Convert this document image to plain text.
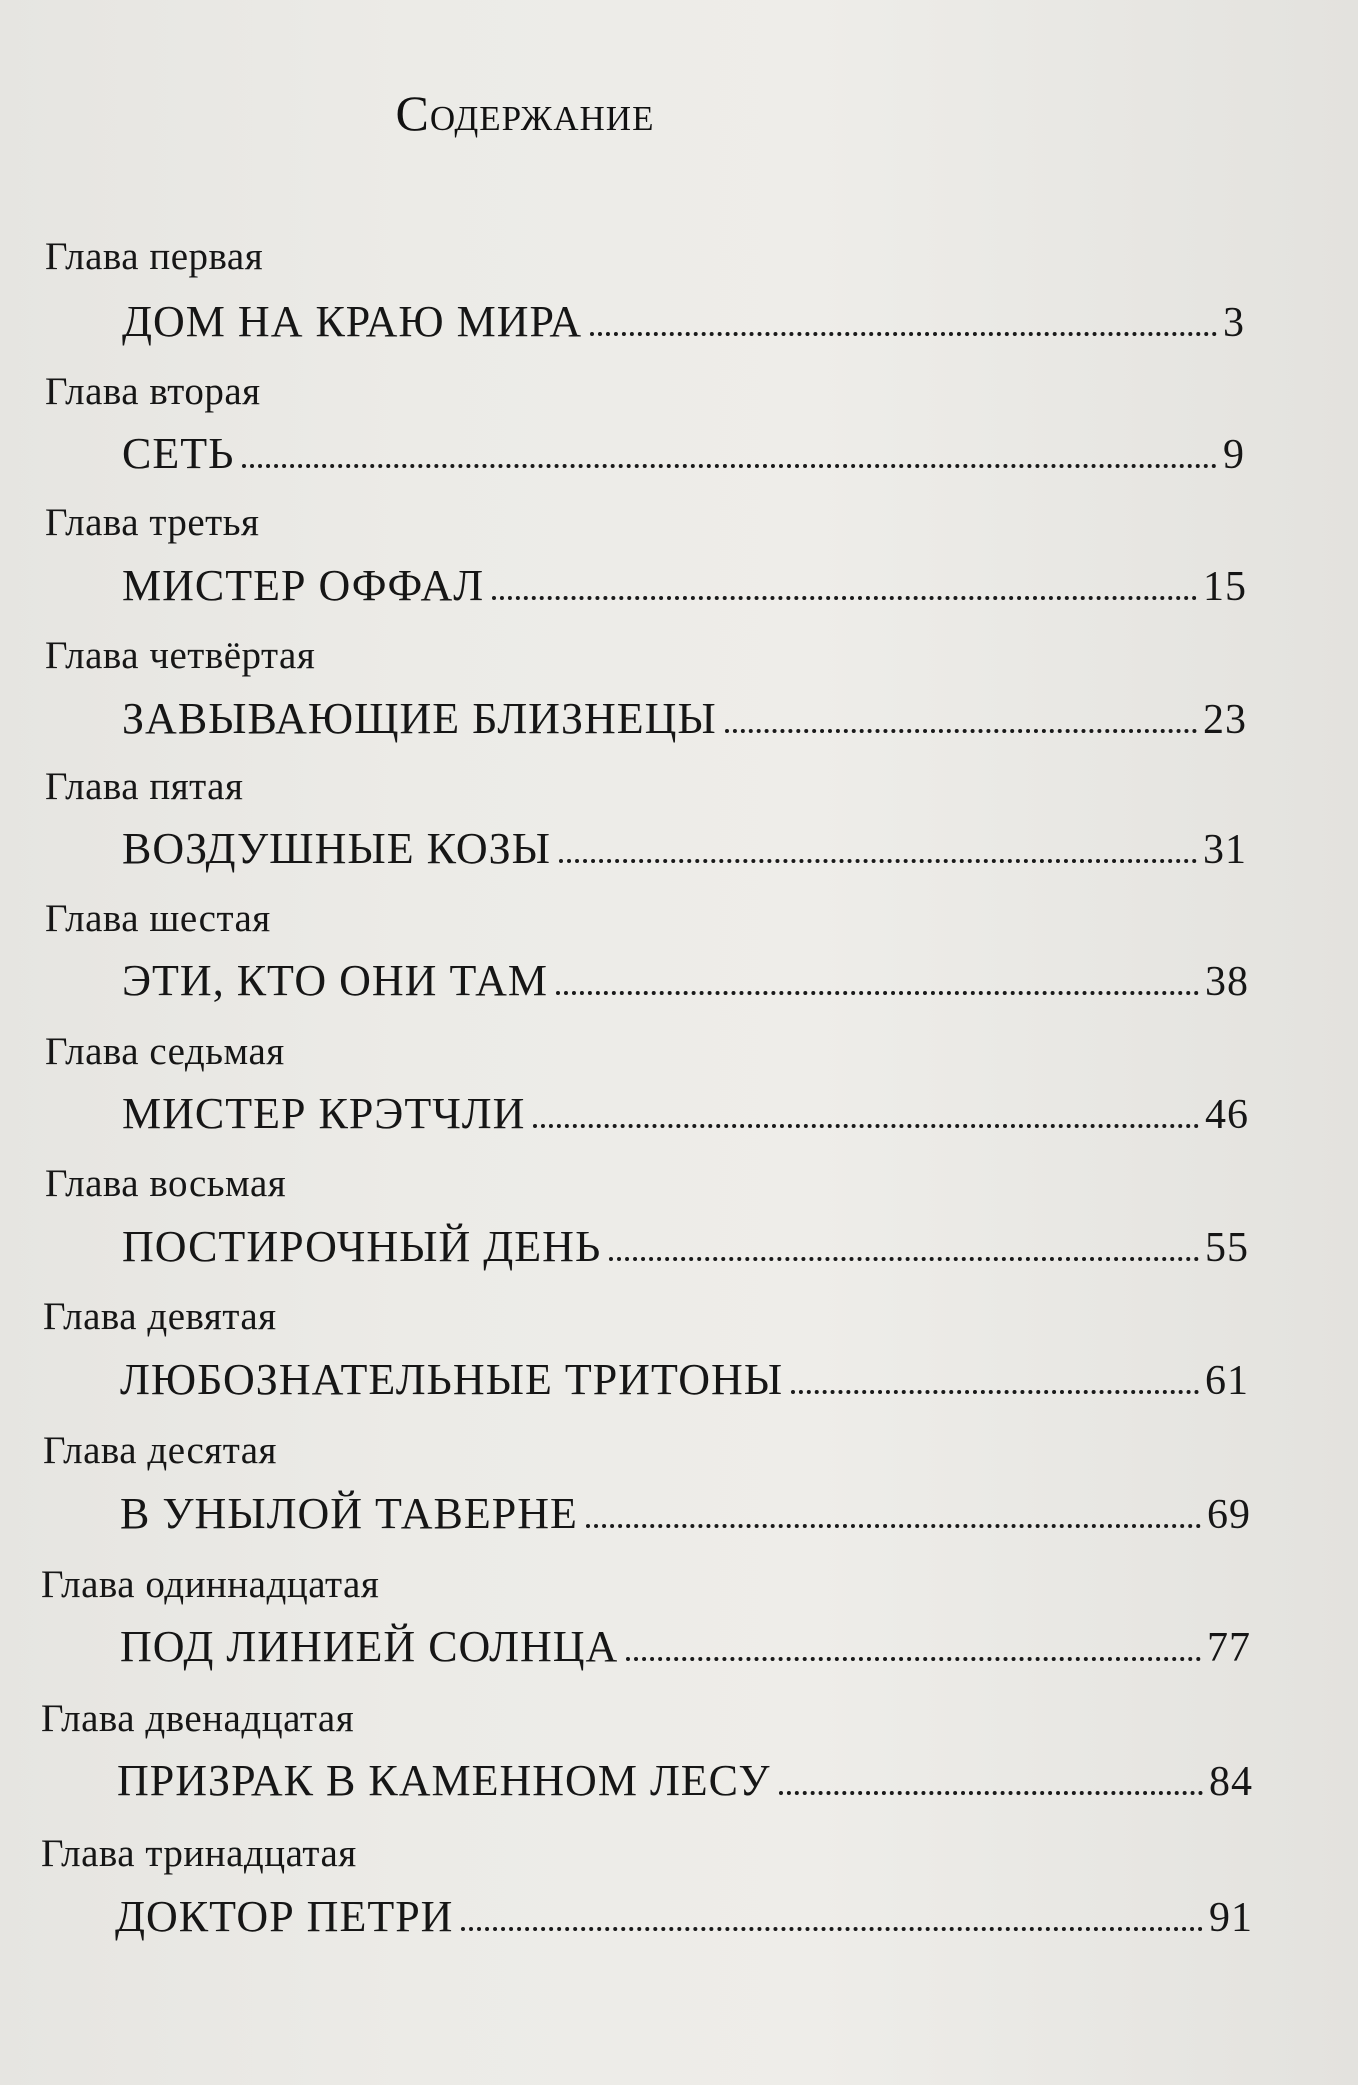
Содержание
Глава первая
ДОМ НА КРАЮ МИРА	3
Глава вторая
СЕТЬ	9
Глава третья
МИСТЕР ОФФАЛ	15
Глава четвёртая
ЗАВЫВАЮЩИЕ БЛИЗНЕЦЫ	23
Глава пятая
ВОЗДУШНЫЕ КОЗЫ	31
Глава шестая
ЭТИ, КТО ОНИ ТАМ	38
Глава седьмая
МИСТЕР КРЭТЧЛИ	46
Глава восьмая
ПОСТИРОЧНЫЙ ДЕНЬ	55
Глава девятая
ЛЮБОЗНАТЕЛЬНЫЕ ТРИТОНЫ	61
Глава десятая
В УНЫЛОЙ ТАВЕРНЕ	69
Глава одиннадцатая
ПОД ЛИНИЕЙ СОЛНЦА	77
Глава двенадцатая
ПРИЗРАК В КАМЕННОМ ЛЕСУ	84
Глава тринадцатая
ДОКТОР ПЕТРИ	91
